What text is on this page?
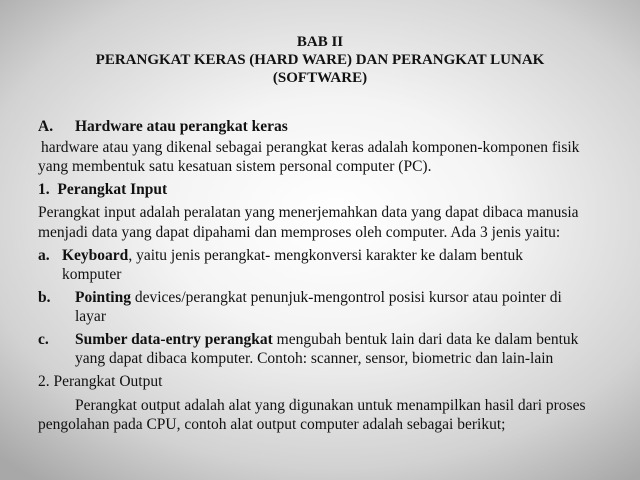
BAB II
PERANGKAT KERAS (HARD WARE) DAN PERANGKAT LUNAK
(SOFTWARE)
A. Hardware atau perangkat keras
hardware atau yang dikenal sebagai perangkat keras adalah komponen-komponen fisik
yang membentuk satu kesatuan sistem personal computer (PC).
1.  Perangkat Input
Perangkat input adalah peralatan yang menerjemahkan data yang dapat dibaca manusia
menjadi data yang dapat dipahami dan memproses oleh computer. Ada 3 jenis yaitu:
a. Keyboard, yaitu jenis perangkat- mengkonversi karakter ke dalam bentuk
komputer
b. Pointing devices/perangkat penunjuk-mengontrol posisi kursor atau pointer di
layar
c. Sumber data-entry perangkat mengubah bentuk lain dari data ke dalam bentuk
yang dapat dibaca komputer. Contoh: scanner, sensor, biometric dan lain-lain
2. Perangkat Output
Perangkat output adalah alat yang digunakan untuk menampilkan hasil dari proses
pengolahan pada CPU, contoh alat output computer adalah sebagai berikut;
